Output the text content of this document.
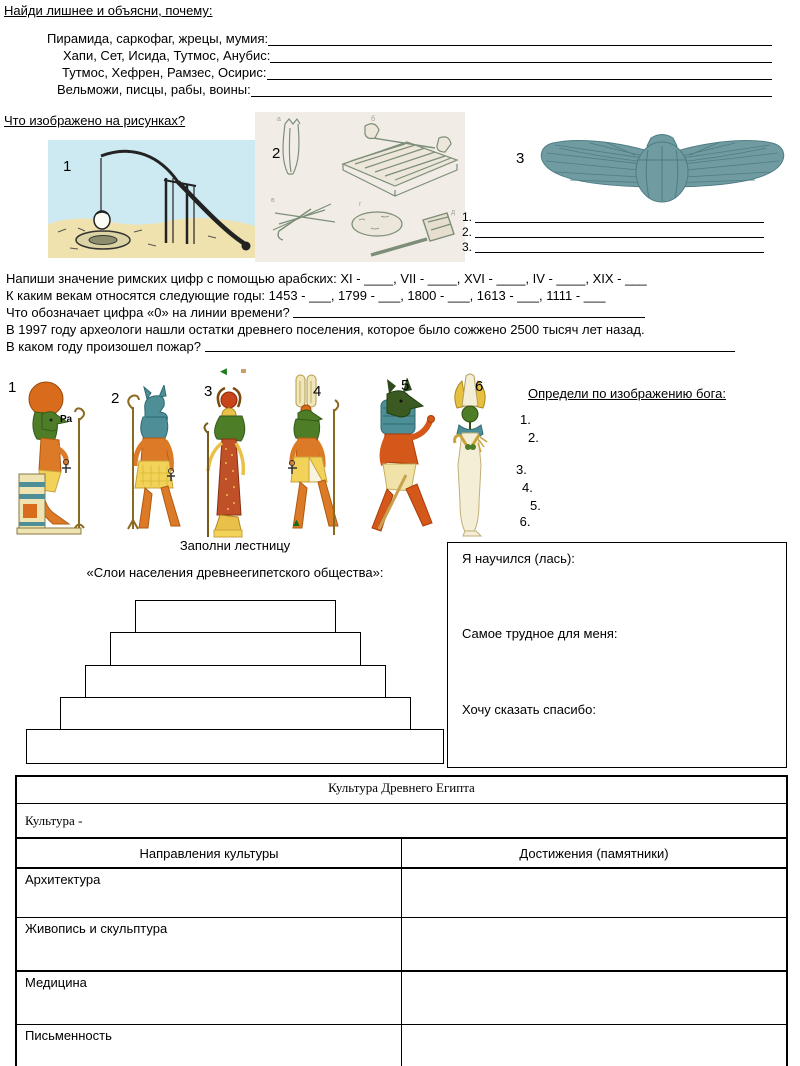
Найди лишнее и объясни, почему:
Пирамида, саркофаг, жрецы, мумия:
Хапи, Сет, Исида, Тутмос, Анубис:
Тутмос, Хефрен, Рамзес, Осирис:
Вельможи, писцы, рабы, воины:
Что изображено на рисунках?
1
а	б
в
г
д
2	3
1.

2.

3.

Напиши значение римских цифр с помощью арабских: XI - ____, VII - ____, XVI - ____, IV - ____, XIX - ___
К каким векам относятся следующие годы: 1453 - ___, 1799 - ___, 1800 - ___, 1613 - ___, 1111 - ___
Что обозначает цифра «0» на линии времени?
В 1997 году археологи нашли остатки древнего поселения, которое было сожжено 2500 тысяч лет назад.
В каком году произошел пожар?
Ра
1
2	3	4	5	6
◀
▲
Определи по изображению бога:
1.

2.
3.

4.

5.

6.
Заполни лестницу
«Слои населения древнеегипетского общества»:
Я научился (лась):
Самое трудное для меня:
Хочу сказать спасибо:
Культура Древнего Египта	
Культура -	
Направления культуры	Достижения (памятники)
Архитектура	
Живопись и скульптура	
Медицина	
Письменность	
